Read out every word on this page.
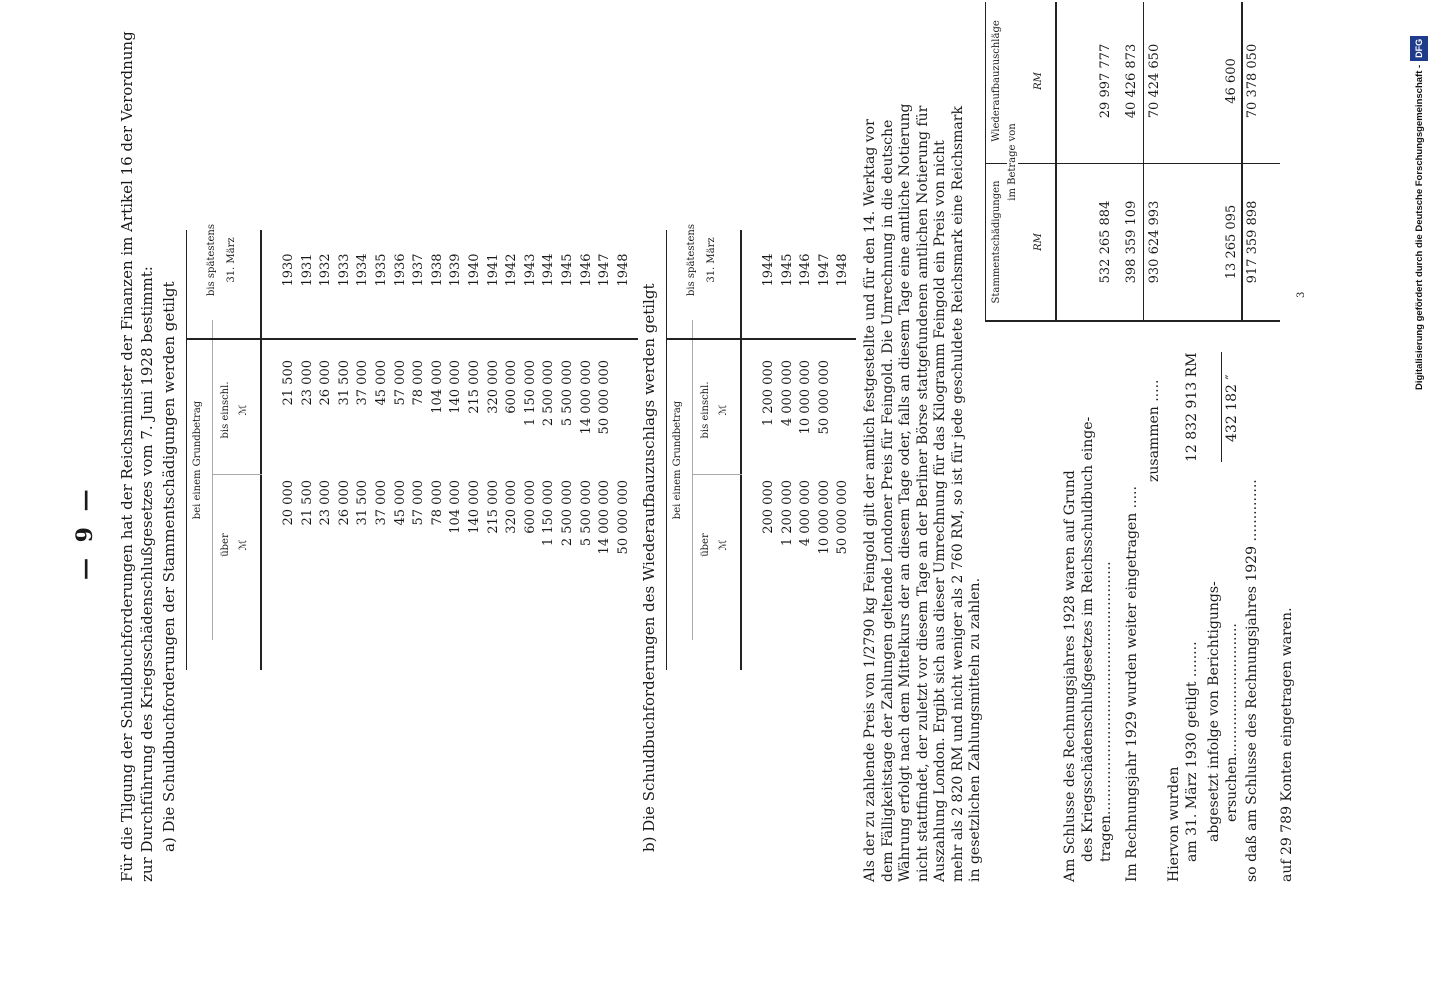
— 9 — Für die Tilgung der Schuldbuchforderungen hat der Reichsminister der Finanzen im Artikel 16 der Verordnung zur Durchführung des Kriegsschädenschlußgesetzes vom 7. Juni 1928 bestimmt: a) Die Schuldbuchforderungen der Stammentschädigungen werden getilgt bei einem Grundbetrag
über
bis einschl.
bis spätestens 31. März
ℳ
ℳ
20 000 21 500 23 000 26 000 31 500 37 000 45 000 57 000 78 000 104 000 140 000 215 000 320 000 600 000 1 150 000 2 500 000 5 500 000 14 000 000 50 000 000
21 500 23 000 26 000 31 500 37 000 45 000 57 000 78 000 104 000 140 000 215 000 320 000 600 000 1 150 000 2 500 000 5 500 000 14 000 000 50 000 000
1930 1931 1932 1933 1934 1935 1936 1937 1938 1939 1940 1941 1942 1943 1944 1945 1946 1947 1948
b) Die Schuldbuchforderungen des Wiederaufbauzuschlags werden getilgt bei einem Grundbetrag
über
bis einschl.
bis spätestens 31. März
ℳ
ℳ
200 000 1 200 000 4 000 000 10 000 000 50 000 000
1 200 000 4 000 000 10 000 000 50 000 000
1944 1945 1946 1947 1948 Als der zu zahlende Preis von 1/2790 kg Feingold gilt der amtlich festgestellte und für den 14. Werktag vor dem Fälligkeitstage der Zahlungen geltende Londoner Preis für Feingold. Die Umrechnung in die deutsche Währung erfolgt nach dem Mittelkurs der an diesem Tage oder, falls an diesem Tage eine amtliche Notierung nicht stattfindet, der zuletzt vor diesem Tage an der Berliner Börse stattgefundenen amtlichen Notierung für Auszahlung London. Ergibt sich aus dieser Umrechnung für das Kilogramm Feingold ein Preis von nicht mehr als 2 820 RM und nicht weniger als 2 760 RM, so ist für jede geschuldete Reichsmark eine Reichsmark in gesetzlichen Zahlungsmitteln zu zahlen.
Stammentschädigungen
Wiederaufbauzuschläge
im Betrage von
RM
RM
Am Schlusse des Rechnungsjahres 1928 waren auf Grund des Kriegsschädenschlußgesetzes im Reichsschuldbuch einge- tragen.........................................................
532 265 884
29 997 777
Im Rechnungsjahr 1929 wurden weiter eingetragen .....
398 359 109
40 426 873
zusammen .....
930 624 993
70 424 650
Hiervon wurden am 31. März 1930 getilgt ........
12 832 913 RM
abgesetzt infolge von Berichtigungs- ersuchen..............................
432 182 ″
13 265 095
46 600
so daß am Schlusse des Rechnungsjahres 1929 ..............
917 359 898
70 378 050
auf 29 789 Konten eingetragen waren.
3	Digitalisierung gefördert durch die Deutsche Forschungsgemeinschaft -DFG
